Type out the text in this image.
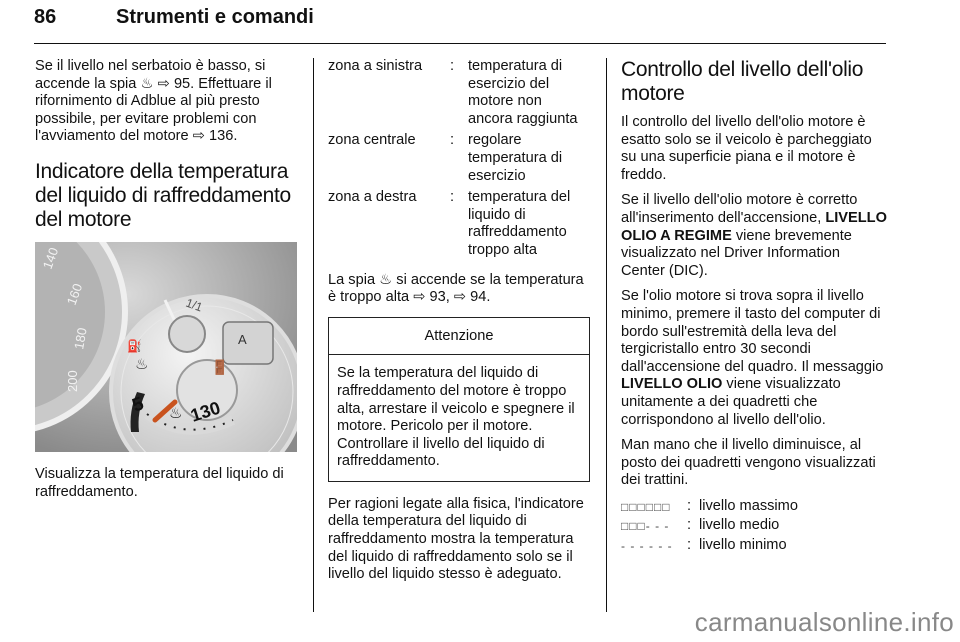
86	Strumenti e comandi

Se il livello nel serbatoio è basso, si accende la spia ♨ ⇨ 95. Effettuare il rifornimento di Adblue al più presto possibile, per evitare problemi con l'avviamento del motore ⇨ 136.

Indicatore della temperatura del liquido di raffreddamento del motore
140
160
180
200
1/1
A
⛽
♨
5 ♨ 130
🚪

Visualizza la temperatura del liquido di raffreddamento.

zona a sinistra	: temperatura di esercizio del motore non ancora raggiunta
zona centrale	: regolare temperatura di esercizio
zona a destra	: temperatura del liquido di raffreddamento troppo alta

La spia ♨ si accende se la temperatura è troppo alta ⇨ 93, ⇨ 94.

Attenzione
Se la temperatura del liquido di raffreddamento del motore è troppo alta, arrestare il veicolo e spegnere il motore. Pericolo per il motore. Controllare il livello del liquido di raffreddamento.

Per ragioni legate alla fisica, l'indicatore della temperatura del liquido di raffreddamento mostra la temperatura del liquido di raffreddamento solo se il livello del liquido stesso è adeguato.

Controllo del livello dell'olio motore

Il controllo del livello dell'olio motore è esatto solo se il veicolo è parcheggiato su una superficie piana e il motore è freddo.

Se il livello dell'olio motore è corretto all'inserimento dell'accensione, LIVELLO OLIO A REGIME viene brevemente visualizzato nel Driver Information Center (DIC).

Se l'olio motore si trova sopra il livello minimo, premere il tasto del computer di bordo sull'estremità della leva del tergicristallo entro 30 secondi dall'accensione del quadro. Il messaggio LIVELLO OLIO viene visualizzato unitamente a dei quadretti che corrispondono al livello dell'olio.

Man mano che il livello diminuisce, al posto dei quadretti vengono visualizzati dei trattini.

□□□□□□	: livello massimo
□□□- - -	: livello medio
- - - - - - : livello minimo
carmanualsonline.info
